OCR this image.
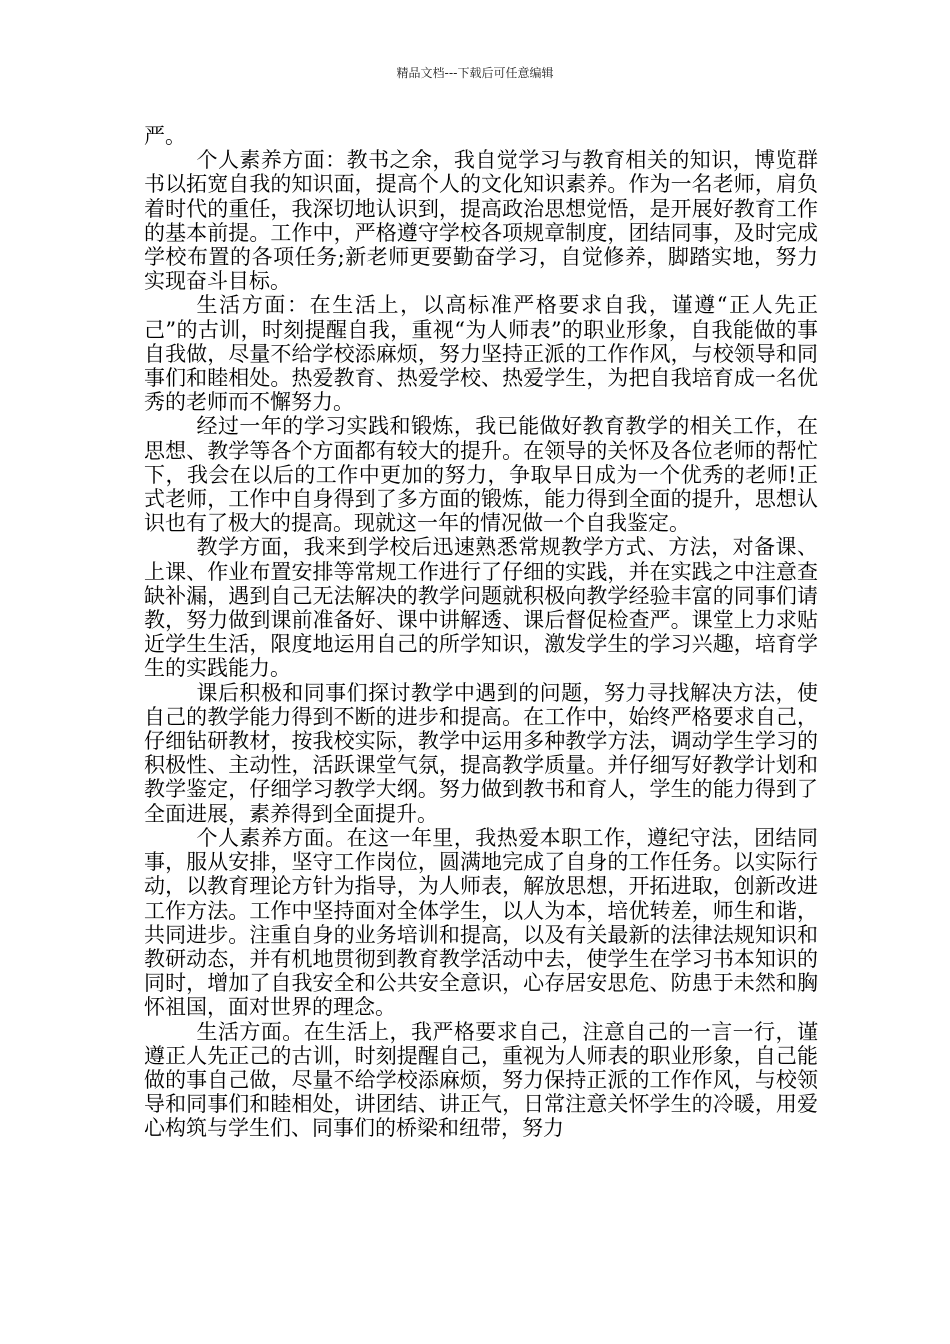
精品文档---下载后可任意编辑

严。

个人素养方面：教书之余，我自觉学习与教育相关的知识，博览群书以拓宽自我的知识面，提高个人的文化知识素养。作为一名老师，肩负着时代的重任，我深切地认识到，提高政治思想觉悟，是开展好教育工作的基本前提。工作中，严格遵守学校各项规章制度，团结同事，及时完成学校布置的各项任务;新老师更要勤奋学习，自觉修养，脚踏实地，努力实现奋斗目标。

生活方面：在生活上，以高标准严格要求自我，谨遵“正人先正己”的古训，时刻提醒自我，重视“为人师表”的职业形象，自我能做的事自我做，尽量不给学校添麻烦，努力坚持正派的工作作风，与校领导和同事们和睦相处。热爱教育、热爱学校、热爱学生，为把自我培育成一名优秀的老师而不懈努力。

经过一年的学习实践和锻炼，我已能做好教育教学的相关工作，在思想、教学等各个方面都有较大的提升。在领导的关怀及各位老师的帮忙下，我会在以后的工作中更加的努力，争取早日成为一个优秀的老师!正式老师，工作中自身得到了多方面的锻炼，能力得到全面的提升，思想认识也有了极大的提高。现就这一年的情况做一个自我鉴定。

教学方面，我来到学校后迅速熟悉常规教学方式、方法，对备课、上课、作业布置安排等常规工作进行了仔细的实践，并在实践之中注意查缺补漏，遇到自己无法解决的教学问题就积极向教学经验丰富的同事们请教，努力做到课前准备好、课中讲解透、课后督促检查严。课堂上力求贴近学生生活，限度地运用自己的所学知识，激发学生的学习兴趣，培育学生的实践能力。

课后积极和同事们探讨教学中遇到的问题，努力寻找解决方法，使自己的教学能力得到不断的进步和提高。在工作中，始终严格要求自己，仔细钻研教材，按我校实际，教学中运用多种教学方法，调动学生学习的积极性、主动性，活跃课堂气氛，提高教学质量。并仔细写好教学计划和教学鉴定，仔细学习教学大纲。努力做到教书和育人，学生的能力得到了全面进展，素养得到全面提升。

个人素养方面。在这一年里，我热爱本职工作，遵纪守法，团结同事，服从安排，坚守工作岗位，圆满地完成了自身的工作任务。以实际行动，以教育理论方针为指导，为人师表，解放思想，开拓进取，创新改进工作方法。工作中坚持面对全体学生，以人为本，培优转差，师生和谐，共同进步。注重自身的业务培训和提高，以及有关最新的法律法规知识和教研动态，并有机地贯彻到教育教学活动中去，使学生在学习书本知识的同时，增加了自我安全和公共安全意识，心存居安思危、防患于未然和胸怀祖国，面对世界的理念。

生活方面。在生活上，我严格要求自己，注意自己的一言一行，谨遵正人先正己的古训，时刻提醒自己，重视为人师表的职业形象，自己能做的事自己做，尽量不给学校添麻烦，努力保持正派的工作作风，与校领导和同事们和睦相处，讲团结、讲正气，日常注意关怀学生的冷暖，用爱心构筑与学生们、同事们的桥梁和纽带，努力
